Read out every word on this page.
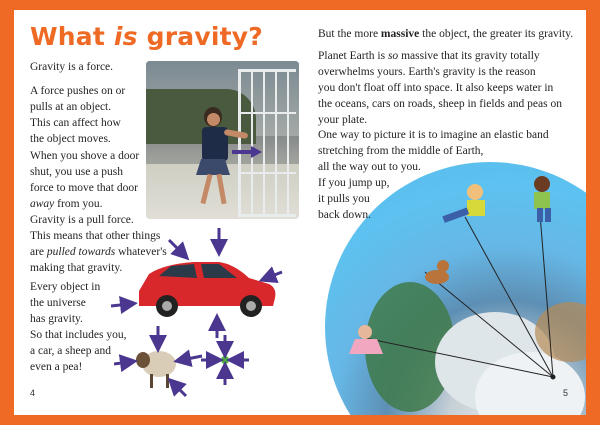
What is gravity?
Gravity is a force.
A force pushes on or
pulls at an object.
This can affect how
the object moves.
When you shove a door
shut, you use a push
force to move that door
away from you.
Gravity is a pull force.
This means that other things
are pulled towards whatever's
making that gravity.
Every object in
the universe
has gravity.
So that includes you,
a car, a sheep and
even a pea!
4
But the more massive the object, the greater its gravity.
Planet Earth is so massive that its gravity totally
overwhelms yours. Earth's gravity is the reason
you don't float off into space. It also keeps water in
the oceans, cars on roads, sheep in fields and peas on
your plate.
One way to picture it is to imagine an elastic band
stretching from the middle of Earth,
all the way out to you.
If you jump up,
it pulls you
back down.
5
